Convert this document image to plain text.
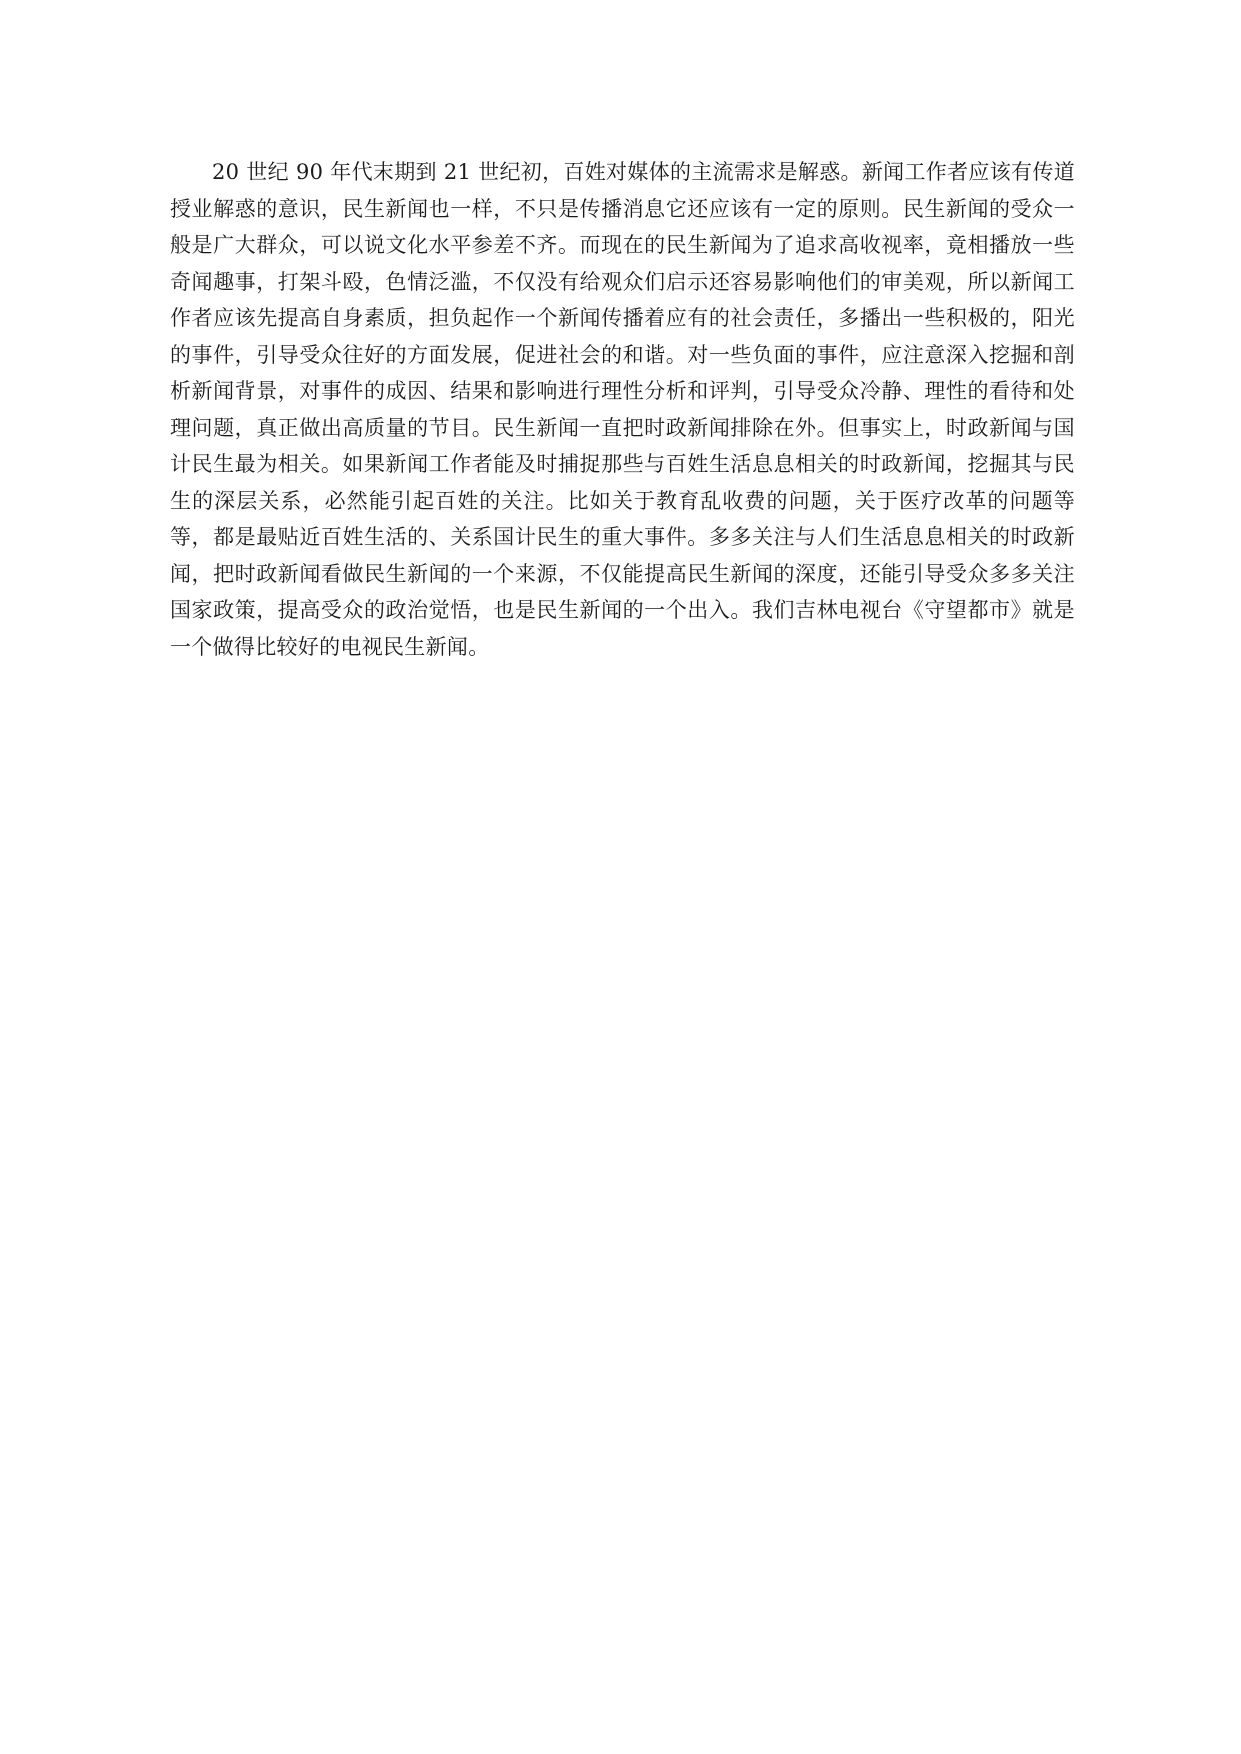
20 世纪 90 年代末期到 21 世纪初，百姓对媒体的主流需求是解惑。新闻工作者应该有传道授业解惑的意识，民生新闻也一样，不只是传播消息它还应该有一定的原则。民生新闻的受众一般是广大群众，可以说文化水平参差不齐。而现在的民生新闻为了追求高收视率，竟相播放一些奇闻趣事，打架斗殴，色情泛滥，不仅没有给观众们启示还容易影响他们的审美观，所以新闻工作者应该先提高自身素质，担负起作一个新闻传播着应有的社会责任，多播出一些积极的，阳光的事件，引导受众往好的方面发展，促进社会的和谐。对一些负面的事件，应注意深入挖掘和剖析新闻背景，对事件的成因、结果和影响进行理性分析和评判，引导受众冷静、理性的看待和处理问题，真正做出高质量的节目。民生新闻一直把时政新闻排除在外。但事实上，时政新闻与国计民生最为相关。如果新闻工作者能及时捕捉那些与百姓生活息息相关的时政新闻，挖掘其与民生的深层关系，必然能引起百姓的关注。比如关于教育乱收费的问题，关于医疗改革的问题等等，都是最贴近百姓生活的、关系国计民生的重大事件。多多关注与人们生活息息相关的时政新闻，把时政新闻看做民生新闻的一个来源，不仅能提高民生新闻的深度，还能引导受众多多关注国家政策，提高受众的政治觉悟，也是民生新闻的一个出入。我们吉林电视台《守望都市》就是一个做得比较好的电视民生新闻。
